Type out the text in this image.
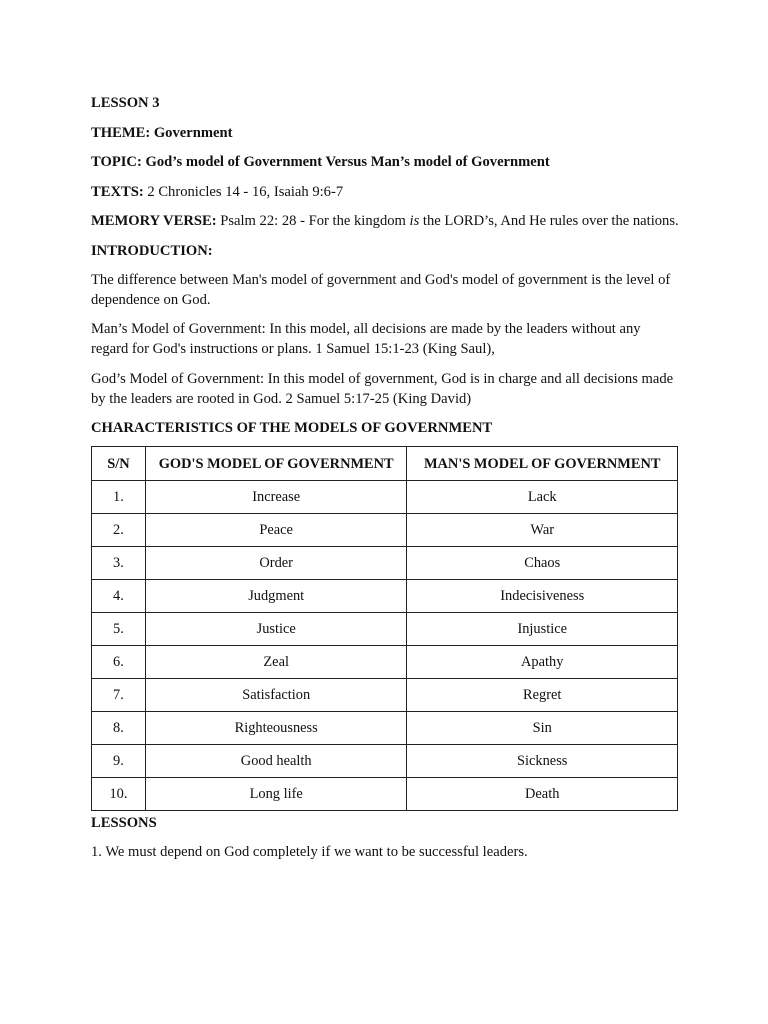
LESSON 3

THEME: Government

TOPIC: God’s model of Government Versus Man’s model of Government

TEXTS: 2 Chronicles 14 - 16, Isaiah 9:6-7

MEMORY VERSE: Psalm 22: 28 - For the kingdom is the LORD’s, And He rules over the nations.

INTRODUCTION:

The difference between Man's model of government and God's model of government is the level of dependence on God.

Man’s Model of Government: In this model, all decisions are made by the leaders without any regard for God's instructions or plans. 1 Samuel 15:1-23 (King Saul),

God’s Model of Government: In this model of government, God is in charge and all decisions made by the leaders are rooted in God. 2 Samuel 5:17-25 (King David)

CHARACTERISTICS OF THE MODELS OF GOVERNMENT

S/N	GOD'S MODEL OF GOVERNMENT	MAN'S MODEL OF GOVERNMENT
1.	Increase	Lack
2.	Peace	War
3.	Order	Chaos
4.	Judgment	Indecisiveness
5.	Justice	Injustice
6.	Zeal	Apathy
7.	Satisfaction	Regret
8.	Righteousness	Sin
9.	Good health	Sickness
10.	Long life	Death

LESSONS

1. We must depend on God completely if we want to be successful leaders.
